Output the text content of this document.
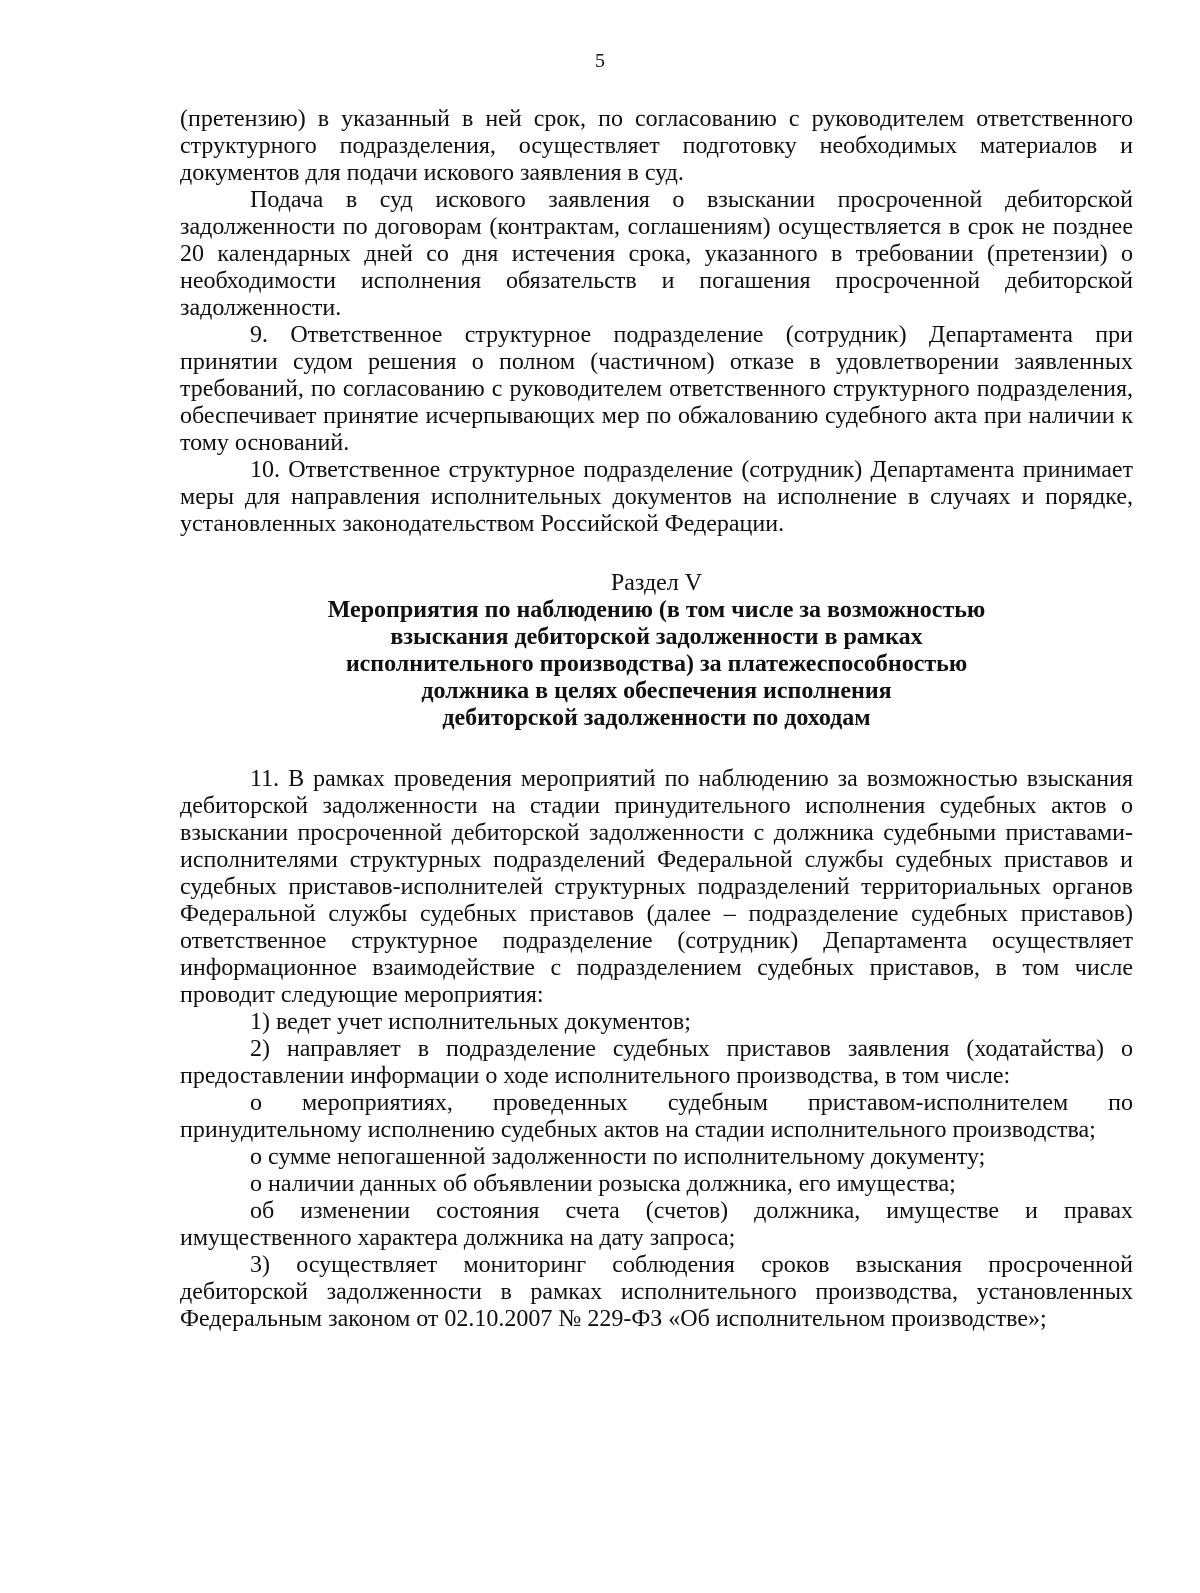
5

(претензию) в указанный в ней срок, по согласованию с руководителем ответственного структурного подразделения, осуществляет подготовку необходимых материалов и документов для подачи искового заявления в суд.

Подача в суд искового заявления о взыскании просроченной дебиторской задолженности по договорам (контрактам, соглашениям) осуществляется в срок не позднее 20 календарных дней со дня истечения срока, указанного в требовании (претензии) о необходимости исполнения обязательств и погашения просроченной дебиторской задолженности.

9. Ответственное структурное подразделение (сотрудник) Департамента при принятии судом решения о полном (частичном) отказе в удовлетворении заявленных требований, по согласованию с руководителем ответственного структурного подразделения, обеспечивает принятие исчерпывающих мер по обжалованию судебного акта при наличии к тому оснований.

10. Ответственное структурное подразделение (сотрудник) Департамента принимает меры для направления исполнительных документов на исполнение в случаях и порядке, установленных законодательством Российской Федерации.

Раздел V

Мероприятия по наблюдению (в том числе за возможностью
взыскания дебиторской задолженности в рамках
исполнительного производства) за платежеспособностью
должника в целях обеспечения исполнения
дебиторской задолженности по доходам

11. В рамках проведения мероприятий по наблюдению за возможностью взыскания дебиторской задолженности на стадии принудительного исполнения судебных актов о взыскании просроченной дебиторской задолженности с должника судебными приставами-исполнителями структурных подразделений Федеральной службы судебных приставов и судебных приставов-исполнителей структурных подразделений территориальных органов Федеральной службы судебных приставов (далее – подразделение судебных приставов) ответственное структурное подразделение (сотрудник) Департамента осуществляет информационное взаимодействие с подразделением судебных приставов, в том числе проводит следующие мероприятия:

1) ведет учет исполнительных документов;

2) направляет в подразделение судебных приставов заявления (ходатайства) о предоставлении информации о ходе исполнительного производства, в том числе:

о мероприятиях, проведенных судебным приставом-исполнителем по принудительному исполнению судебных актов на стадии исполнительного производства;

о сумме непогашенной задолженности по исполнительному документу;

о наличии данных об объявлении розыска должника, его имущества;

об изменении состояния счета (счетов) должника, имуществе и правах имущественного характера должника на дату запроса;

3) осуществляет мониторинг соблюдения сроков взыскания просроченной дебиторской задолженности в рамках исполнительного производства, установленных Федеральным законом от 02.10.2007 № 229-ФЗ «Об исполнительном производстве»;
